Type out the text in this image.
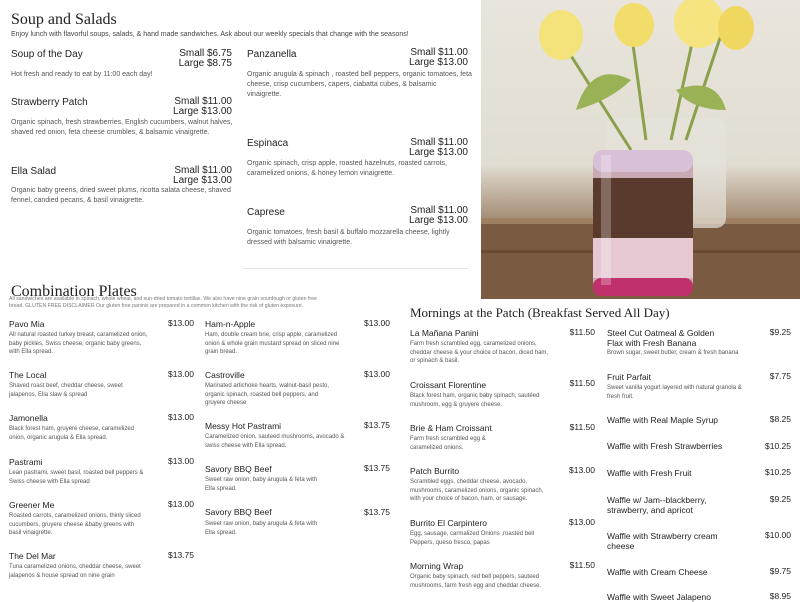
Soup and Salads
Enjoy lunch with flavorful soups, salads, & hand made sandwiches. Ask about our weekly specials that change with the seasons!
Soup of the Day	Small $6.75
Large $8.75
Hot fresh and ready to eat by 11:00 each day!
Strawberry Patch	Small $11.00
Large $13.00
Organic spinach, fresh strawberries, English cucumbers, walnut halves, shaved red onion, feta cheese crumbles, & balsamic vinaigrette.
Ella Salad	Small $11.00
Large $13.00
Organic baby greens, dried sweet plums, ricotta salata cheese, shaved fennel, candied pecans, & basil vinaigrette.
Panzanella	Small $11.00
Large $13.00
Organic arugula & spinach , roasted bell peppers, organic tomatoes, feta cheese, crisp cucumbers, capers, ciabatta cubes, & balsamic vinaigrette.
Espinaca	Small $11.00
Large $13.00
Organic spinach, crisp apple, roasted hazelnuts, roasted carrots, caramelized onions, & honey lemon vinaigrette.
Caprese	Small $11.00
Large $13.00
Organic tomatoes, fresh basil & buffalo mozzarella cheese, lightly dressed with balsamic vinaigrette.
Combination Plates
All sandwiches are available in spinach, whole wheat, and sun-dried tomato tortillas. We also have nine grain sourdough or gluten free bread. GLUTEN FREE DISCLAIMER Our gluten free paninis are prepared in a common kitchen with the risk of gluten exposure.
Pavo Mia	$13.00
All natural roasted turkey breast, caramelized onion, baby pickles, Swiss cheese, organic baby greens, with Ella spread.
The Local	$13.00
Shaved roast beef, cheddar cheese, sweet jalapenos, Ella slaw & spread
Jamonella	$13.00
Black forest ham, gruyere cheese, caramelized onion, organic arugula & Ella spread.
Pastrami	$13.00
Lean pastrami, sweet basil, roasted bell peppers & Swiss cheese with Ella spread
Greener Me	$13.00
Roasted carrots, caramelized onions, thinly sliced cucumbers, gruyere cheese &baby greens with basil vinaigrette.
The Del Mar	$13.75
Tuna caramelized onions, cheddar cheese, sweet jalapenos & house spread on nine grain
Ham-n-Apple	$13.00
Ham, double cream brie, crisp apple, caramelized onion & whole grain mustard spread on sliced nine grain bread.
Castroville	$13.00
Marinated artichoke hearts. walnut-basil pesto, organic spinach, roasted bell peppers, and gruyere cheese
Messy Hot Pastrami	$13.75
Caramelized onion, sauteed mushrooms, avocado & swiss cheese with Ella spread.
Savory BBQ Beef	$13.75
Sweet raw onion, baby arugula & feta with Ella spread.
Savory BBQ Beef	$13.75
Sweet raw onion, baby arugula & feta with Ella spread.
Mornings at the Patch (Breakfast Served All Day)
La Mañana Panini	$11.50
Farm fresh scrambled egg, caramelized onions, cheddar cheese & your choice of bacon, diced ham, or spinach & basil.
Croissant Florentine	$11.50
Black forest ham, organic baby spinach, sautéed mushroom, egg & gruyere cheese.
Brie & Ham Croissant	$11.50
Farm fresh scrambled egg & caramelized onions.
Patch Burrito	$13.00
Scrambled eggs, cheddar cheese, avocado, mushrooms, caramelized onions, organic spinach, with your choice of bacon, ham, or sausage.
Burrito El Carpintero	$13.00
Egg, sausage, carmalized Onions ,roasted bell Peppers, queso fresco, papas
Morning Wrap	$11.50
Organic baby spinach, red bell peppers, sauteed mushrooms, farm fresh egg and cheddar cheese.
Steel Cut Oatmeal & Golden Flax with Fresh Banana
$9.25
Brown sugar, sweet butter, cream & fresh banana
Fruit Parfait	$7.75
Sweet vanilla yogurt layered with natural granola & fresh fruit.
Waffle with Real Maple Syrup	$8.25
Waffle with Fresh Strawberries	$10.25
Waffle with Fresh Fruit	$10.25
Waffle w/ Jam--blackberry, strawberry, and apricot
$9.25
Waffle with Strawberry cream cheese
$10.00
Waffle with Cream Cheese	$9.75
Waffle with Sweet Jalapeno	$8.95
